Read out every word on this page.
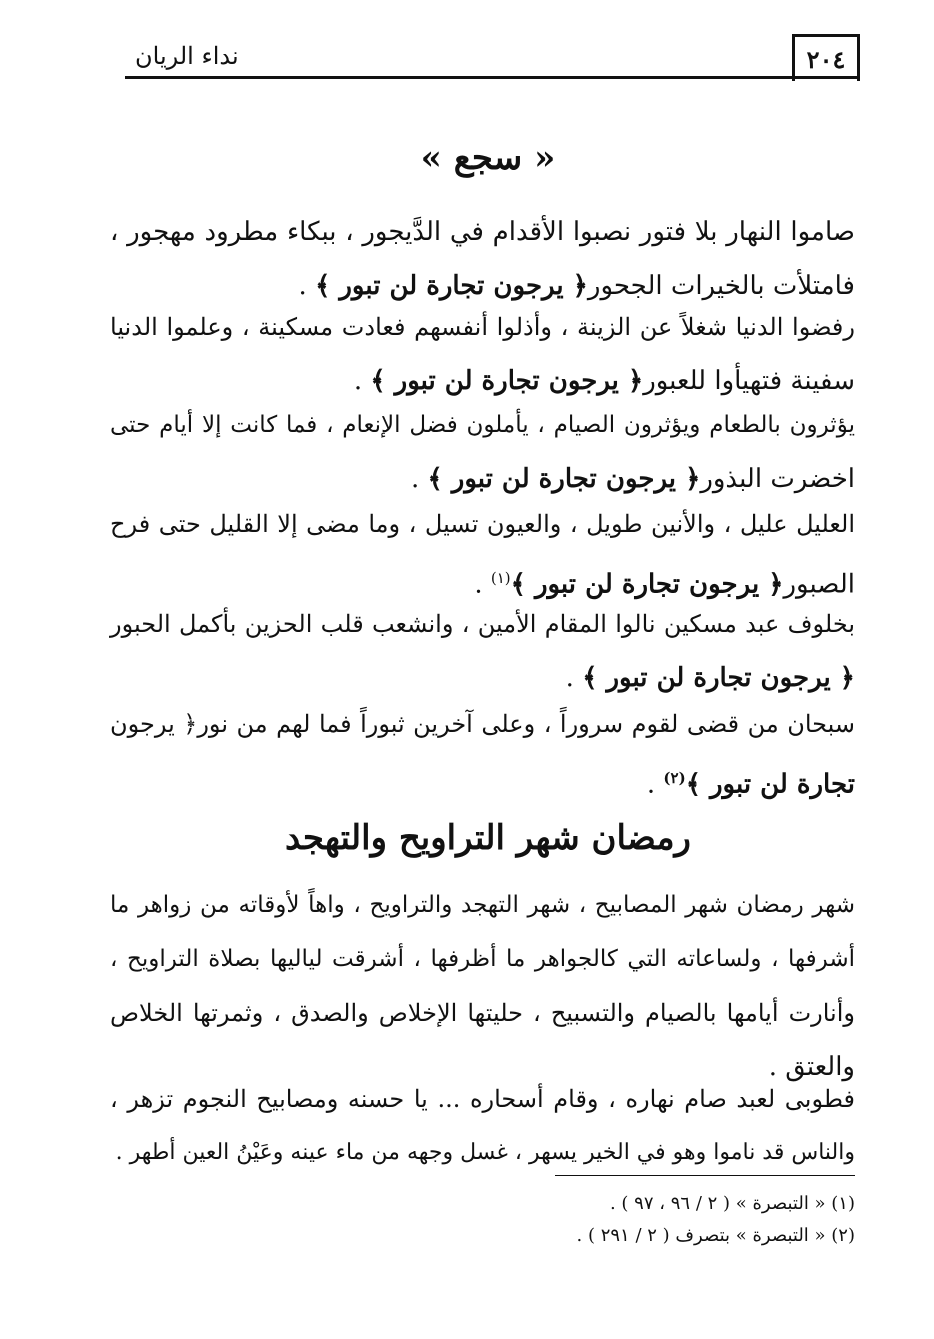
نداء الريان	٢٠٤
« سجع »
صاموا النهار بلا فتور نصبوا الأقدام في الدَّيجور ، ببكاء مطرود مهجور ،
فامتلأت بالخيرات الجحور﴿ يرجون تجارة لن تبور ﴾ .
رفضوا الدنيا شغلاً عن الزينة ، وأذلوا أنفسهم فعادت مسكينة ، وعلموا الدنيا
سفينة فتهيأوا للعبور﴿ يرجون تجارة لن تبور ﴾ .
يؤثرون بالطعام ويؤثرون الصيام ، يأملون فضل الإنعام ، فما كانت إلا أيام حتى
اخضرت البذور﴿ يرجون تجارة لن تبور ﴾ .
العليل عليل ، والأنين طويل ، والعيون تسيل ، وما مضى إلا القليل حتى فرح
الصبور﴿ يرجون تجارة لن تبور ﴾$^{(١)}$ .
بخلوف عبد مسكين نالوا المقام الأمين ، وانشعب قلب الحزين بأكمل الحبور
﴿ يرجون تجارة لن تبور ﴾ .
سبحان من قضى لقوم سروراً ، وعلى آخرين ثبوراً فما لهم من نور﴿ يرجون
تجارة لن تبور ﴾$^{(٢)}$ .
رمضان شهر التراويح والتهجد
شهر رمضان شهر المصابيح ، شهر التهجد والتراويح ، واهاً لأوقاته من زواهر ما
أشرفها ، ولساعاته التي كالجواهر ما أظرفها ، أشرقت لياليها بصلاة التراويح ،
وأنارت أيامها بالصيام والتسبيح ، حليتها الإخلاص والصدق ، وثمرتها الخلاص
والعتق .
فطوبى لعبد صام نهاره ، وقام أسحاره ... يا حسنه ومصابيح النجوم تزهر ،
والناس قد ناموا وهو في الخير يسهر ، غسل وجهه من ماء عينه وعَيْنُ العين أطهر .
(١) « التبصرة » ( ٢ / ٩٦ ، ٩٧ ) .
(٢) « التبصرة » بتصرف ( ٢ / ٢٩١ ) .
